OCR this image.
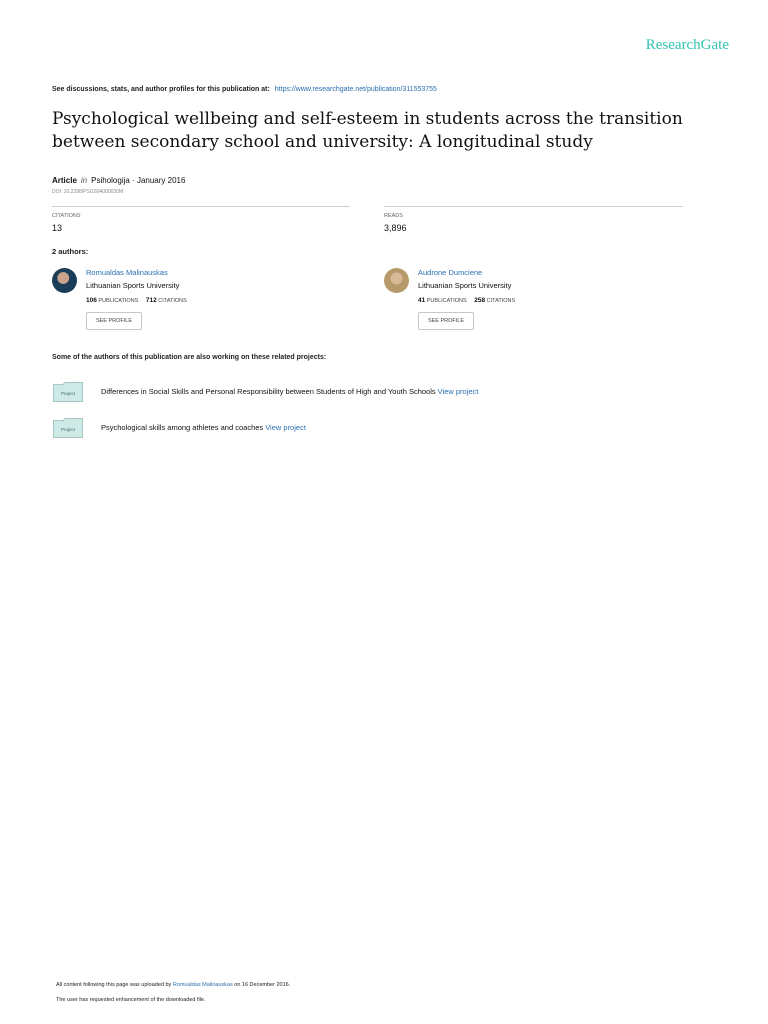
ResearchGate
See discussions, stats, and author profiles for this publication at: https://www.researchgate.net/publication/311553755
Psychological wellbeing and self-esteem in students across the transition between secondary school and university: A longitudinal study
Article in Psihologija · January 2016
DOI: 10.2298/PSI1604000030M
CITATIONS
13
READS
3,896
2 authors:
Romualdas Malinauskas
Lithuanian Sports University
106 PUBLICATIONS 712 CITATIONS
SEE PROFILE
Audrone Dumciene
Lithuanian Sports University
41 PUBLICATIONS 258 CITATIONS
SEE PROFILE
Some of the authors of this publication are also working on these related projects:
Project	Differences in Social Skills and Personal Responsibility between Students of High and Youth Schools View project
Project	Psychological skills among athletes and coaches View project
All content following this page was uploaded by Romualdas Malinauskas on 16 December 2016.
The user has requested enhancement of the downloaded file.
